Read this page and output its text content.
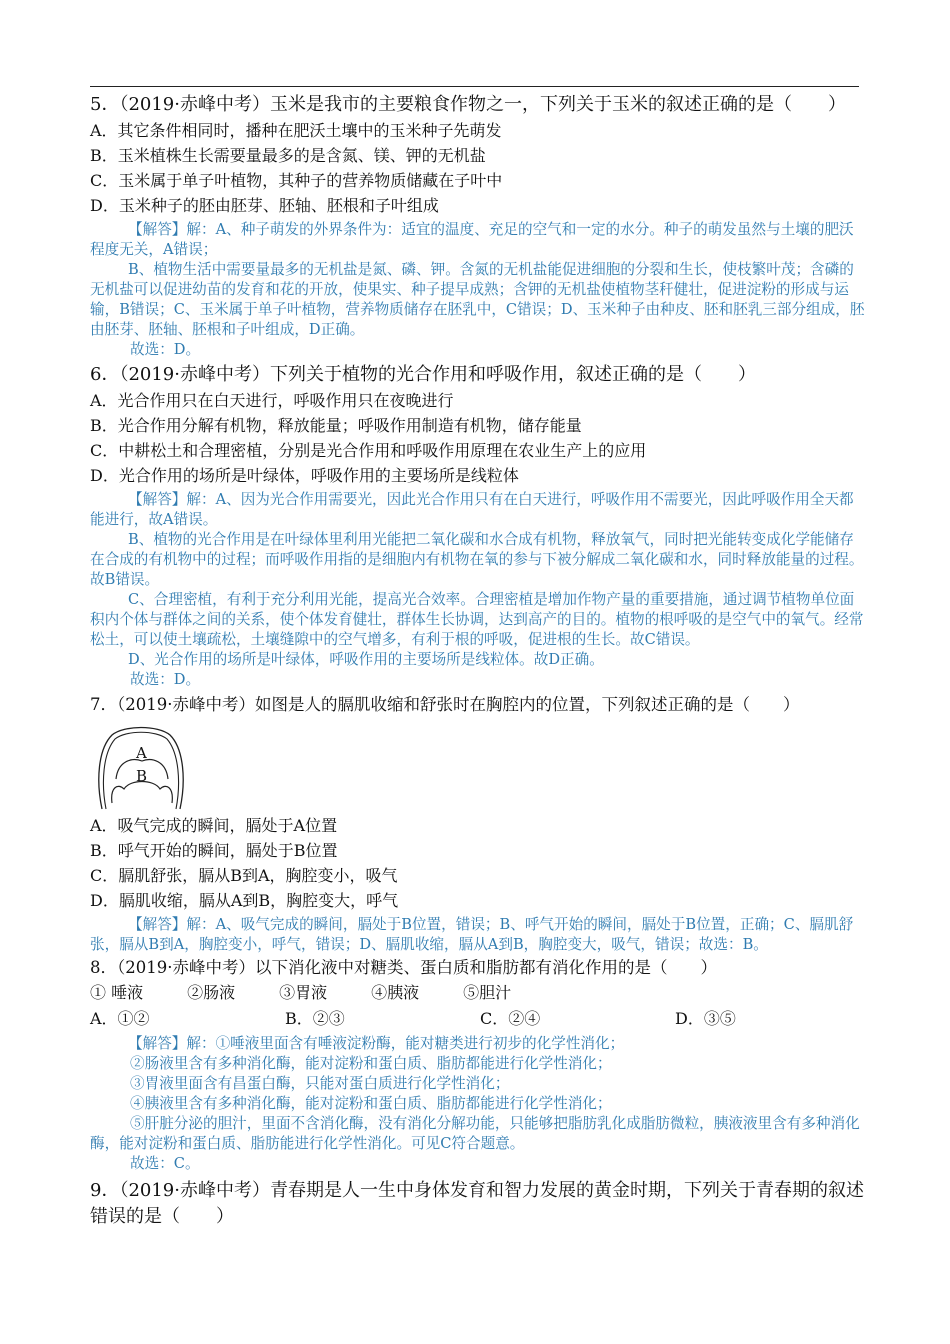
5．（2019·赤峰中考）玉米是我市的主要粮食作物之一，下列关于玉米的叙述正确的是（　　）

A．其它条件相同时，播种在肥沃土壤中的玉米种子先萌发

B．玉米植株生长需要量最多的是含氮、镁、钾的无机盐

C．玉米属于单子叶植物，其种子的营养物质储藏在子叶中

D．玉米种子的胚由胚芽、胚轴、胚根和子叶组成

【解答】解：A、种子萌发的外界条件为：适宜的温度、充足的空气和一定的水分。种子的萌发虽然与土壤的肥沃程度无关，A错误；

B、植物生活中需要量最多的无机盐是氮、磷、钾。含氮的无机盐能促进细胞的分裂和生长，使枝繁叶茂；含磷的无机盐可以促进幼苗的发育和花的开放，使果实、种子提早成熟；含钾的无机盐使植物茎秆健壮，促进淀粉的形成与运输，B错误；C、玉米属于单子叶植物，营养物质储存在胚乳中，C错误；D、玉米种子由种皮、胚和胚乳三部分组成，胚由胚芽、胚轴、胚根和子叶组成，D正确。

故选：D。

6．（2019·赤峰中考）下列关于植物的光合作用和呼吸作用，叙述正确的是（　　）

A．光合作用只在白天进行，呼吸作用只在夜晚进行

B．光合作用分解有机物，释放能量；呼吸作用制造有机物，储存能量

C．中耕松土和合理密植，分别是光合作用和呼吸作用原理在农业生产上的应用

D．光合作用的场所是叶绿体，呼吸作用的主要场所是线粒体

【解答】解：A、因为光合作用需要光，因此光合作用只有在白天进行，呼吸作用不需要光，因此呼吸作用全天都能进行，故A错误。

B、植物的光合作用是在叶绿体里利用光能把二氧化碳和水合成有机物，释放氧气，同时把光能转变成化学能储存在合成的有机物中的过程；而呼吸作用指的是细胞内有机物在氧的参与下被分解成二氧化碳和水，同时释放能量的过程。故B错误。

C、合理密植，有利于充分利用光能，提高光合效率。合理密植是增加作物产量的重要措施，通过调节植物单位面积内个体与群体之间的关系，使个体发育健壮，群体生长协调，达到高产的目的。植物的根呼吸的是空气中的氧气。经常松土，可以使土壤疏松，土壤缝隙中的空气增多，有利于根的呼吸，促进根的生长。故C错误。

D、光合作用的场所是叶绿体，呼吸作用的主要场所是线粒体。故D正确。

故选：D。

7．（2019·赤峰中考）如图是人的膈肌收缩和舒张时在胸腔内的位置，下列叙述正确的是（　　）

A
B

A．吸气完成的瞬间，膈处于A位置

B．呼气开始的瞬间，膈处于B位置

C．膈肌舒张，膈从B到A，胸腔变小，吸气

D．膈肌收缩，膈从A到B，胸腔变大，呼气

【解答】解：A、吸气完成的瞬间，膈处于B位置，错误；B、呼气开始的瞬间，膈处于B位置，正确；C、膈肌舒张，膈从B到A，胸腔变小，呼气，错误；D、膈肌收缩，膈从A到B，胸腔变大，吸气，错误；故选：B。

8．（2019·赤峰中考）以下消化液中对糖类、蛋白质和脂肪都有消化作用的是（　　）

① 唾液	②肠液	③胃液	④胰液	⑤胆汁
A．①②	B．②③	C．②④	D．③⑤

【解答】解：①唾液里面含有唾液淀粉酶，能对糖类进行初步的化学性消化；

②肠液里含有多种消化酶，能对淀粉和蛋白质、脂肪都能进行化学性消化；

③胃液里面含有昌蛋白酶，只能对蛋白质进行化学性消化；

④胰液里含有多种消化酶，能对淀粉和蛋白质、脂肪都能进行化学性消化；

⑤肝脏分泌的胆汁，里面不含消化酶，没有消化分解功能，只能够把脂肪乳化成脂肪微粒，胰液液里含有多种消化酶，能对淀粉和蛋白质、脂肪能进行化学性消化。可见C符合题意。

故选：C。

9．（2019·赤峰中考）青春期是人一生中身体发育和智力发展的黄金时期，下列关于青春期的叙述错误的是（　　）
